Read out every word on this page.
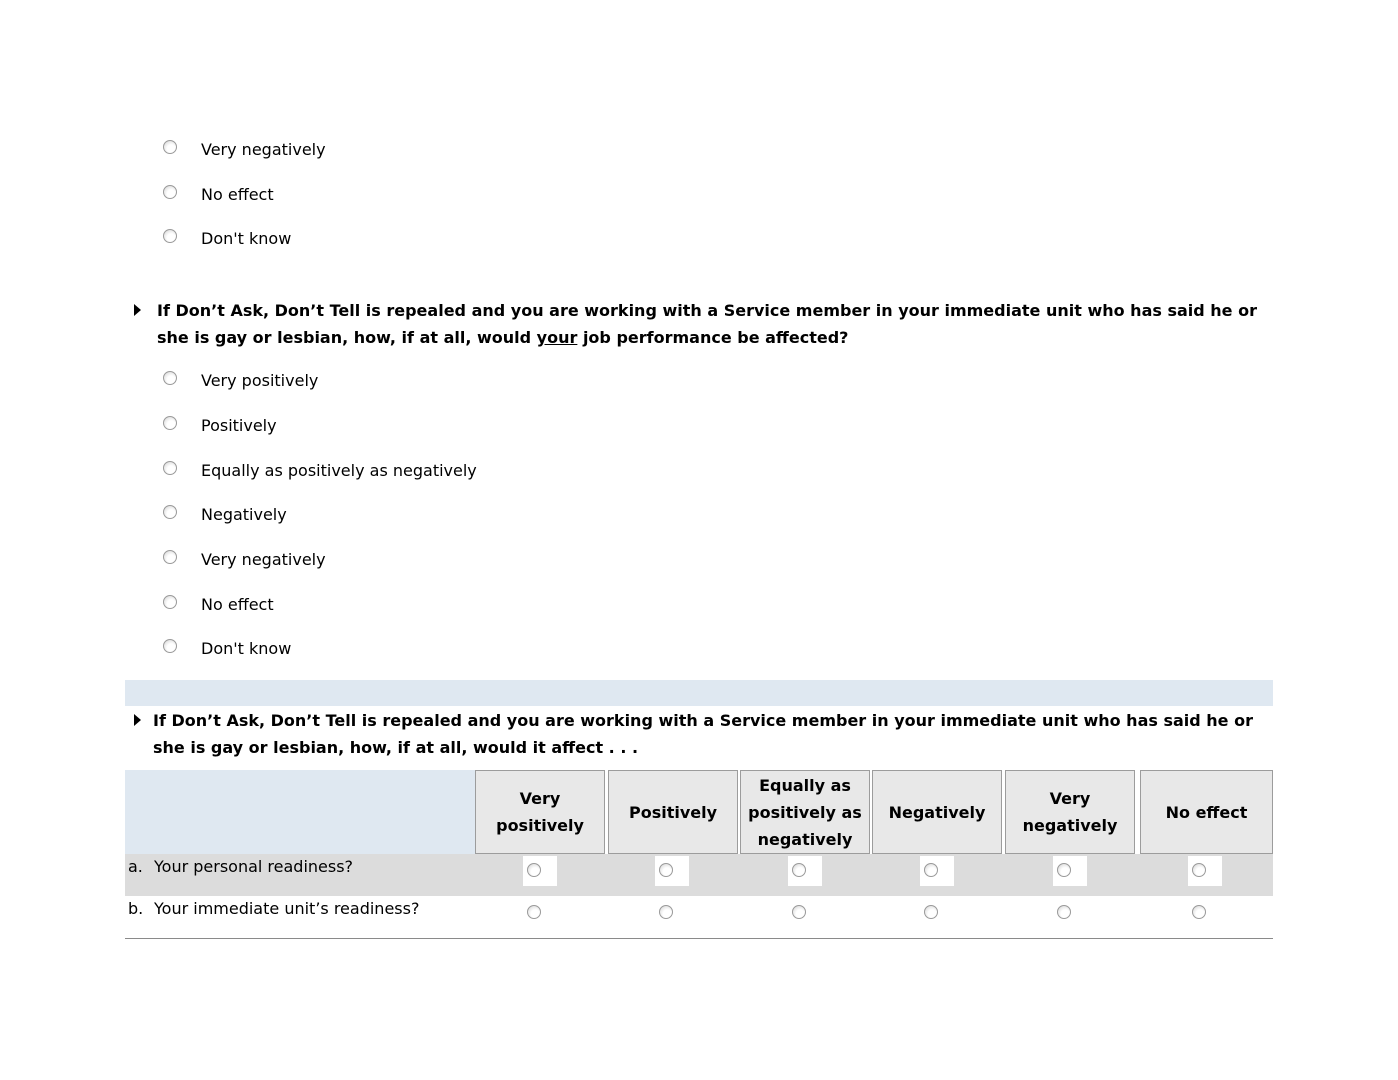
Very negatively
No effect
Don't know
If Don’t Ask, Don’t Tell is repealed and you are working with a Service member in your immediate unit who has said he or she is gay or lesbian, how, if at all, would your job performance be affected?
Very positively
Positively
Equally as positively as negatively
Negatively
Very negatively
No effect
Don't know
If Don’t Ask, Don’t Tell is repealed and you are working with a Service member in your immediate unit who has said he or she is gay or lesbian, how, if at all, would it affect . . .
Very positively
Positively
Equally as positively as negatively
Negatively
Very negatively
No effect
a. Your personal readiness?
b. Your immediate unit’s readiness?
